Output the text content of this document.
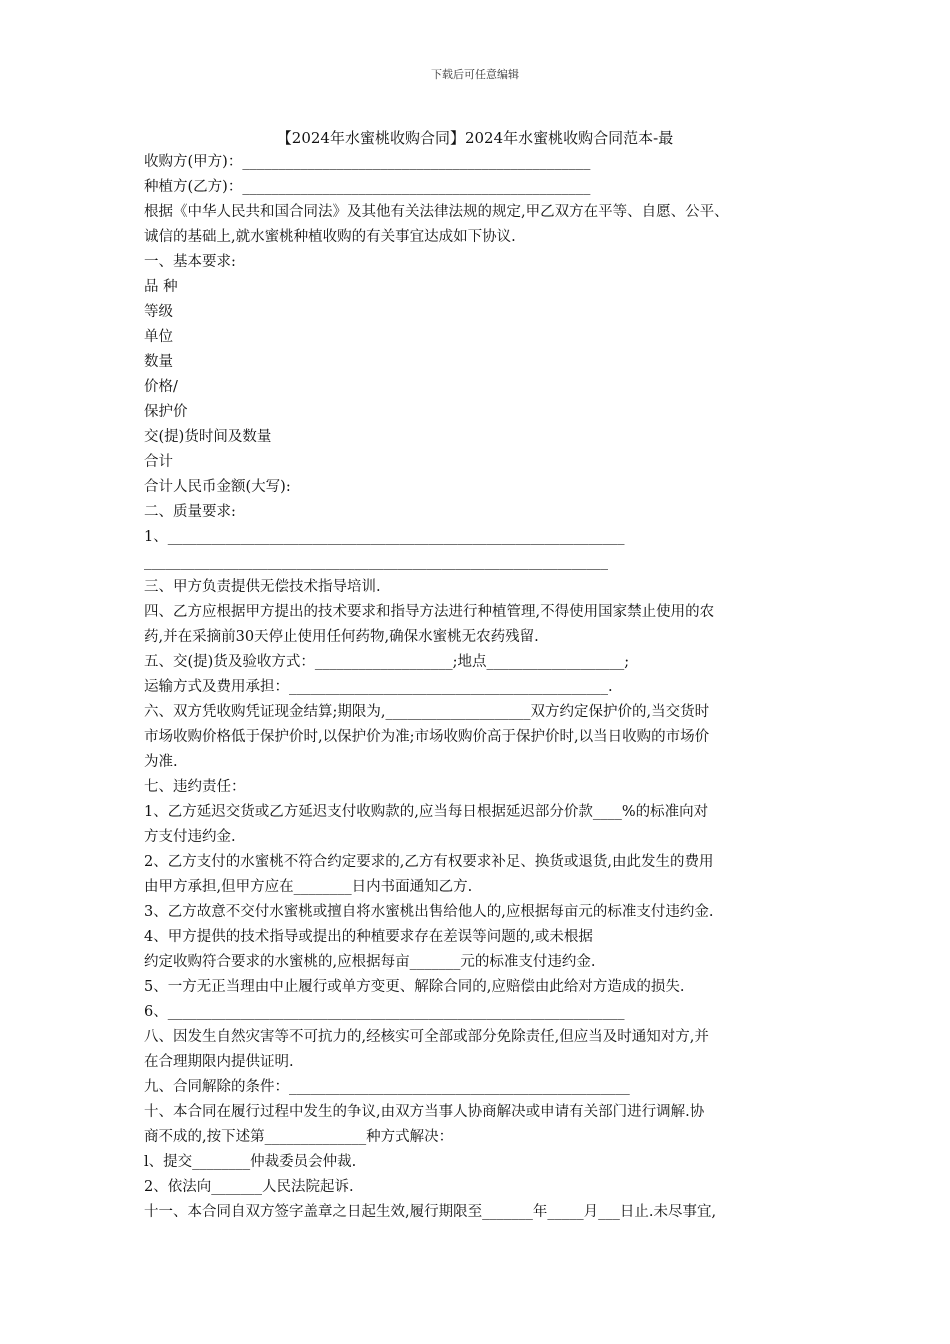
下载后可任意编辑
【2024年水蜜桃收购合同】2024年水蜜桃收购合同范本-最
收购方(甲方)：________________________________________________
种植方(乙方)：________________________________________________
根据《中华人民共和国合同法》及其他有关法律法规的规定,甲乙双方在平等、自愿、公平、
诚信的基础上,就水蜜桃种植收购的有关事宜达成如下协议.
一、基本要求:
品 种
等级
单位
数量
价格/
保护价
交(提)货时间及数量
合计
合计人民币金额(大写):
二、质量要求:
1、_______________________________________________________________
________________________________________________________________
三、甲方负责提供无偿技术指导培训.
四、乙方应根据甲方提出的技术要求和指导方法进行种植管理,不得使用国家禁止使用的农
药,并在采摘前30天停止使用任何药物,确保水蜜桃无农药残留.
五、交(提)货及验收方式：___________________;地点___________________;
运输方式及费用承担：____________________________________________.
六、双方凭收购凭证现金结算;期限为,____________________双方约定保护价的,当交货时
市场收购价格低于保护价时,以保护价为准;市场收购价高于保护价时,以当日收购的市场价
为准.
七、违约责任：
1、乙方延迟交货或乙方延迟支付收购款的,应当每日根据延迟部分价款____%的标准向对
方支付违约金.
2、乙方支付的水蜜桃不符合约定要求的,乙方有权要求补足、换货或退货,由此发生的费用
由甲方承担,但甲方应在________日内书面通知乙方.
3、乙方故意不交付水蜜桃或擅自将水蜜桃出售给他人的,应根据每亩元的标准支付违约金.
4、甲方提供的技术指导或提出的种植要求存在差误等问题的,或未根据
约定收购符合要求的水蜜桃的,应根据每亩_______元的标准支付违约金.
5、一方无正当理由中止履行或单方变更、解除合同的,应赔偿由此给对方造成的损失.
6、_______________________________________________________________
八、因发生自然灾害等不可抗力的,经核实可全部或部分免除责任,但应当及时通知对方,并
在合理期限内提供证明.
九、合同解除的条件：_______________________________________________
十、本合同在履行过程中发生的争议,由双方当事人协商解决或申请有关部门进行调解.协
商不成的,按下述第______________种方式解决：
l、提交________仲裁委员会仲裁.
2、依法向_______人民法院起诉.
十一、本合同自双方签字盖章之日起生效,履行期限至_______年_____月___日止.未尽事宜,
